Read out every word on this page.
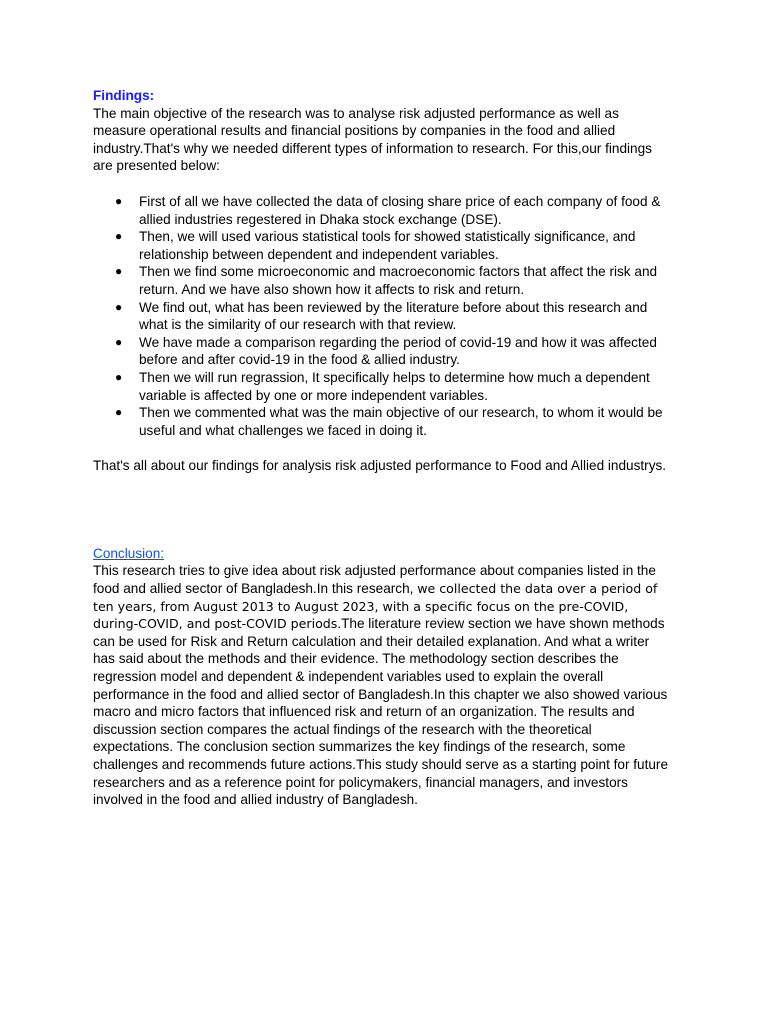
Findings:

The main objective of the research was to analyse risk adjusted performance as well as measure operational results and financial positions by companies in the food and allied industry.That's why we needed different types of information to research. For this,our findings are presented below:

● First of all we have collected the data of closing share price of each company of food & allied industries regestered in Dhaka stock exchange (DSE).
● Then, we will used various statistical tools for showed statistically significance, and relationship between dependent and independent variables.
● Then we find some microeconomic and macroeconomic factors that affect the risk and return. And we have also shown how it affects to risk and return.
● We find out, what has been reviewed by the literature before about this research and what is the similarity of our research with that review.
● We have made a comparison regarding the period of covid-19 and how it was affected before and after covid-19 in the food & allied industry.
● Then we will run regrassion, It specifically helps to determine how much a dependent variable is affected by one or more independent variables.
● Then we commented what was the main objective of our research, to whom it would be useful and what challenges we faced in doing it.

That's all about our findings for analysis risk adjusted performance to Food and Allied industrys.

Conclusion:

This research tries to give idea about risk adjusted performance about companies listed in the food and allied sector of Bangladesh.In this research, we collected the data over a period of ten years, from August 2013 to August 2023, with a specific focus on the pre-COVID, during-COVID, and post-COVID periods.The literature review section we have shown methods can be used for Risk and Return calculation and their detailed explanation. And what a writer has said about the methods and their evidence. The methodology section describes the regression model and dependent & independent variables used to explain the overall performance in the food and allied sector of Bangladesh.In this chapter we also showed various macro and micro factors that influenced risk and return of an organization. The results and discussion section compares the actual findings of the research with the theoretical expectations. The conclusion section summarizes the key findings of the research, some challenges and recommends future actions.This study should serve as a starting point for future researchers and as a reference point for policymakers, financial managers, and investors involved in the food and allied industry of Bangladesh.
